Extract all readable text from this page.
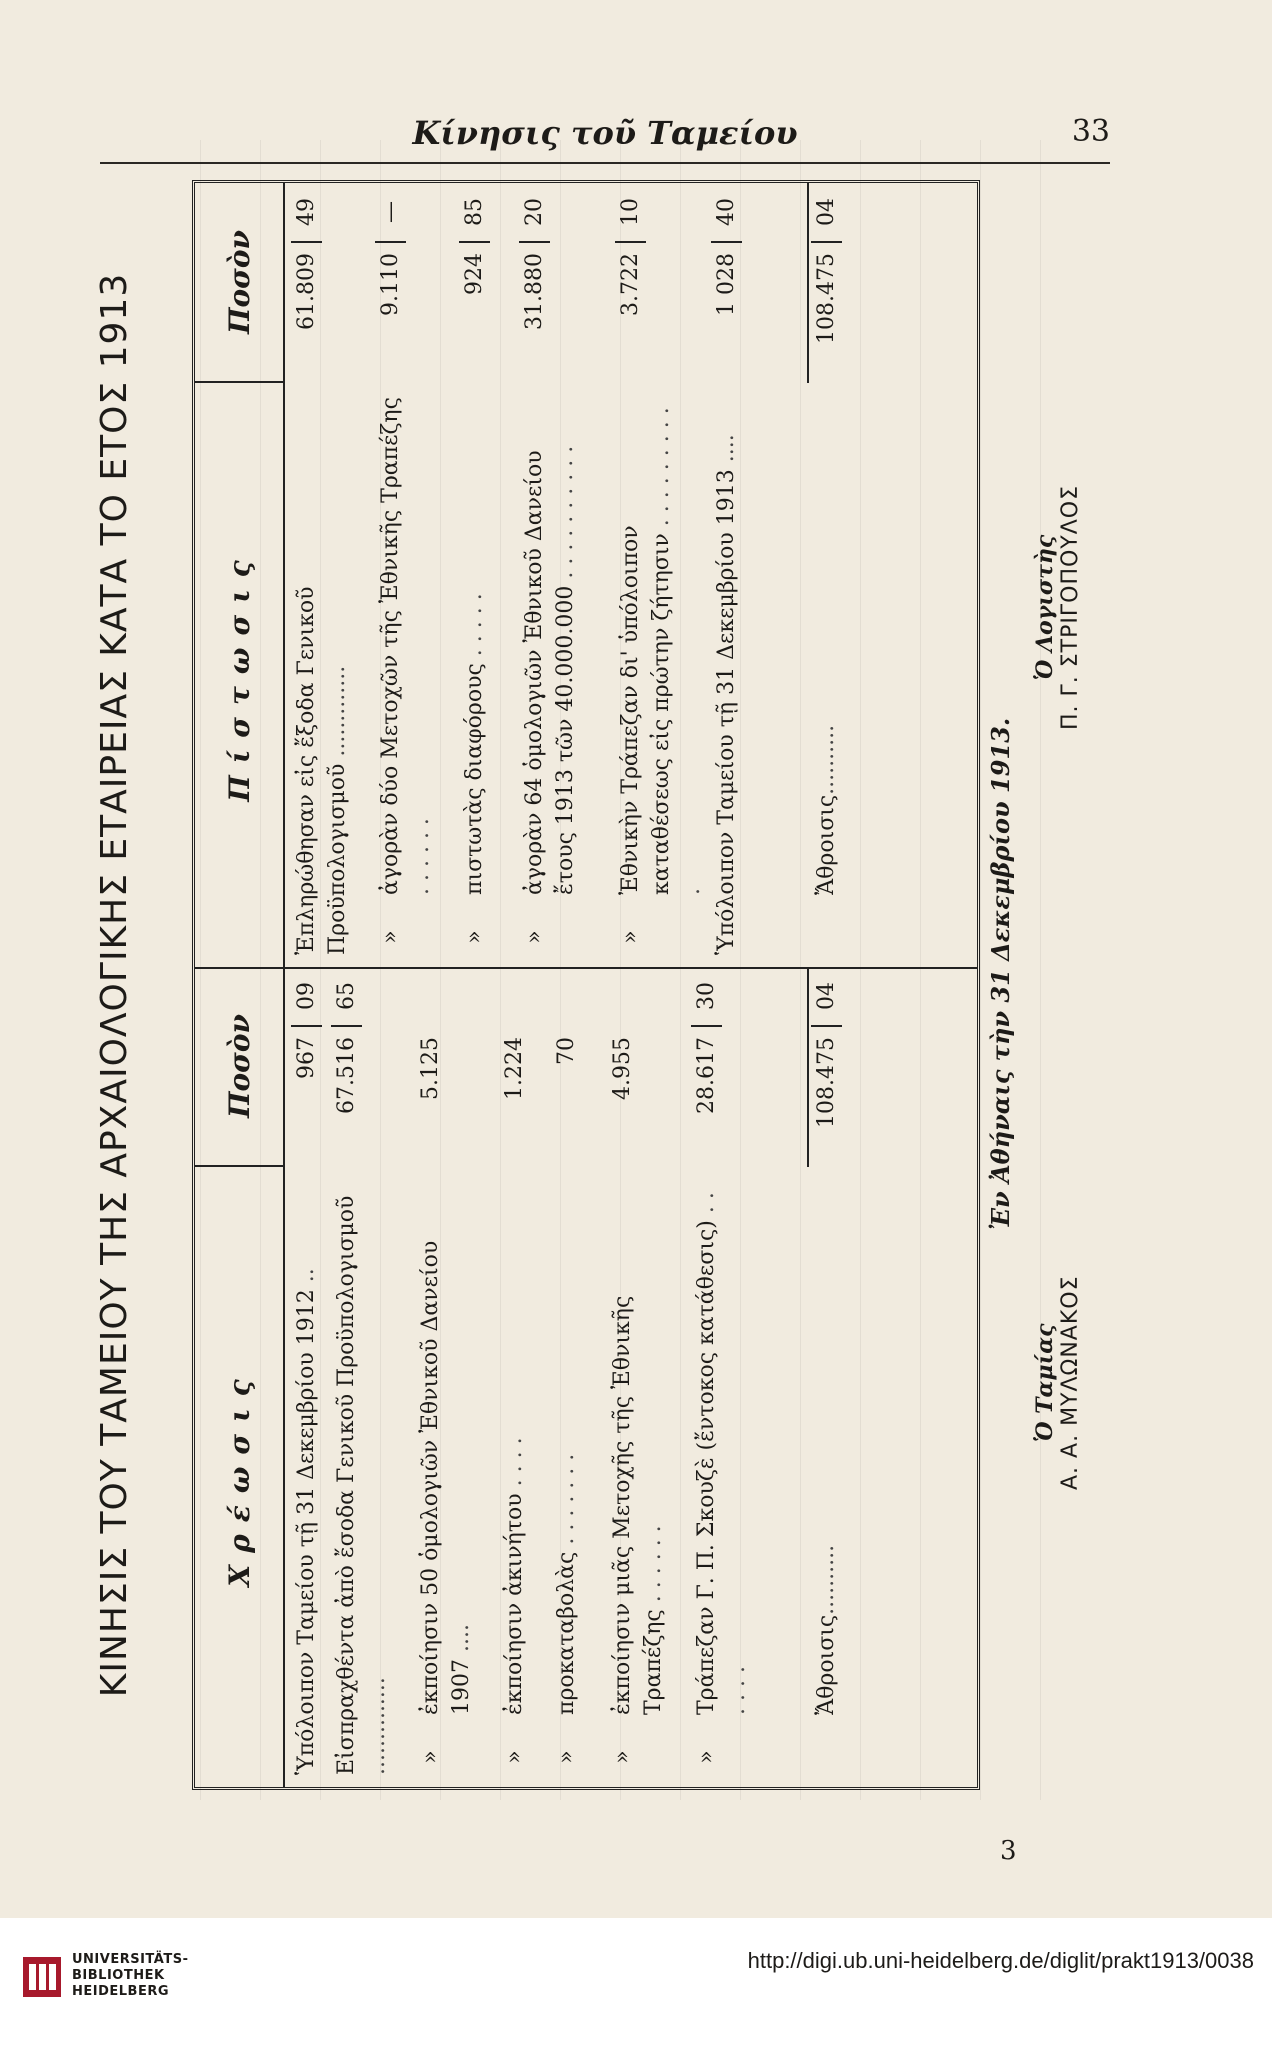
Κίνησις τοῦ Ταμείου	33
ΚΙΝΗΣΙΣ ΤΟΥ ΤΑΜΕΙΟΥ ΤΗΣ ΑΡΧΑΙΟΛΟΓΙΚΗΣ ΕΤΑΙΡΕΙΑΣ ΚΑΤΑ ΤΟ ΕΤΟΣ 1913	Χρέωσις
Ποσὸν
Ὑπόλοιπον Ταμείου τῇ 31 Δεκεμβρίου 1912 ..
967
09
Εἰσπραχθέντα ἀπὸ ἔσοδα Γενικοῦ Προϋπολογισμοῦ ..............
67.516
65
»ἐκποίησιν 50 ὁμολογιῶν Ἐθνικοῦ Δανείου 1907 ....
5.125
»ἐκποίησιν ἀκινήτου . . . .
1.224
»προκαταβολὰς . . . . . . .
70
»ἐκποίησιν μιᾶς Μετοχῆς τῆς Ἐθνικῆς Τραπέζης . . . . . .
4.955
»Τράπεζαν Γ. Π. Σκουζὲ (ἔντοκος κατάθεσις) . . . . . .
28.617
30
Ἄθροισις..........
108.475
04
Πίστωσις
Ποσὸν
Ἐπληρώθησαν εἰς ἔξοδα Γενικοῦ Προϋπολογισμοῦ .............
61.809
49
»ἀγορὰν δύο Μετοχῶν τῆς Ἐθνικῆς Τραπέζης . . . . . .
9.110
—
»πιστωτὰς διαφόρους . . . . .
924
85
»ἀγορὰν 64 ὁμολογιῶν Ἐθνικοῦ Δανείου ἔτους 1913 τῶν 40.000.000 . . . . . . . . . .
31.880
20
»Ἐθνικὴν Τράπεζαν δι' ὑπόλοιπον καταθέσεως εἰς πρώτην ζήτησιν . . . . . . . . . .
3.722
10
Ὑπόλοιπον Ταμείου τῇ 31 Δεκεμβρίου 1913 ....
1 028
40
Ἄθροισις..........
108.475
04
Ἐν Ἀθήναις τὴν 31 Δεκεμβρίου 1913.
Ὁ Ταμίας Α. Α. ΜΥΛΩΝΑΚΟΣ
Ὁ Λογιστὴς Π. Γ. ΣΤΡΙΓΟΠΟΥΛΟΣ
3
UNIVERSITÄTS-
BIBLIOTHEK
HEIDELBERG
http://digi.ub.uni-heidelberg.de/diglit/prakt1913/0038
